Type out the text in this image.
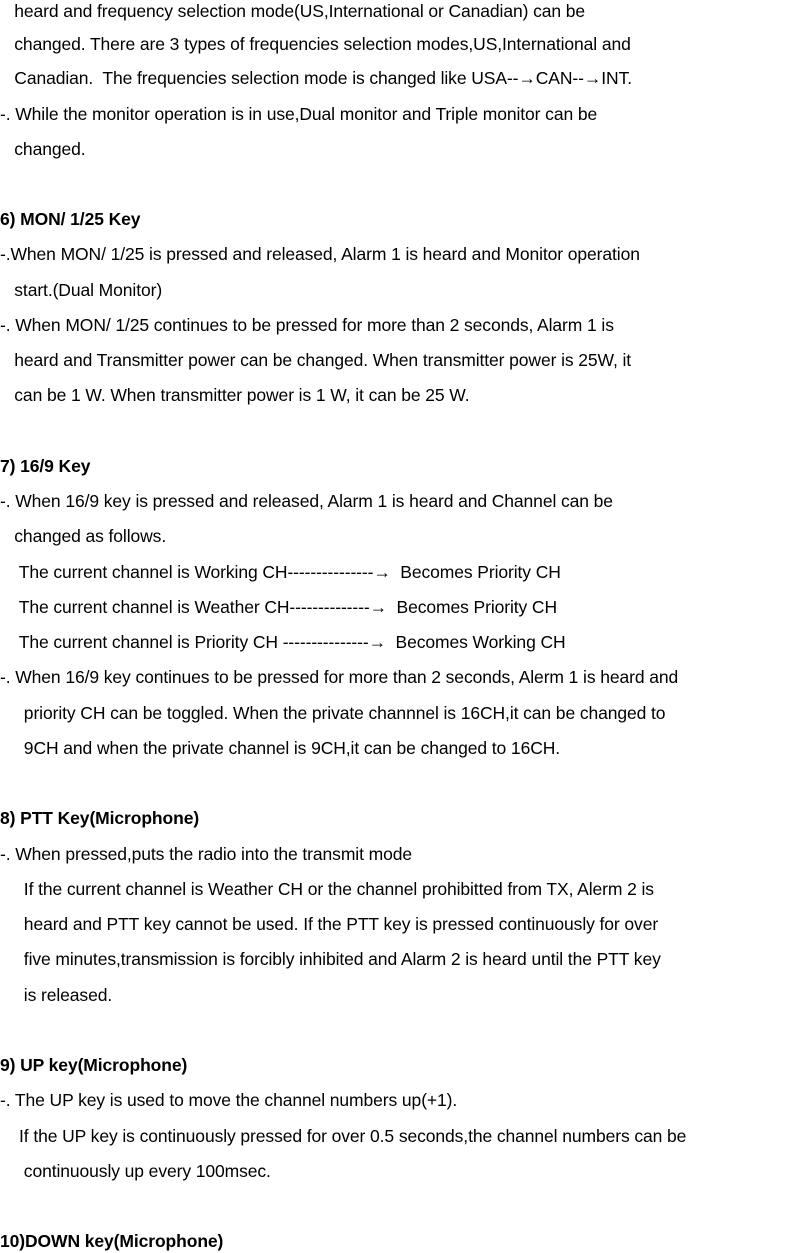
heard and frequency selection mode(US,International or Canadian) can be
changed. There are 3 types of frequencies selection modes,US,International and
Canadian.  The frequencies selection mode is changed like USA--→CAN--→INT.
-. While the monitor operation is in use,Dual monitor and Triple monitor can be
changed.
6) MON/ 1/25 Key
-.When MON/ 1/25 is pressed and released, Alarm 1 is heard and Monitor operation
start.(Dual Monitor)
-. When MON/ 1/25 continues to be pressed for more than 2 seconds, Alarm 1 is
heard and Transmitter power can be changed. When transmitter power is 25W, it
can be 1 W. When transmitter power is 1 W, it can be 25 W.
7) 16/9 Key
-. When 16/9 key is pressed and released, Alarm 1 is heard and Channel can be
changed as follows.
The current channel is Working CH---------------→  Becomes Priority CH
The current channel is Weather CH--------------→  Becomes Priority CH
The current channel is Priority CH ---------------→  Becomes Working CH
-. When 16/9 key continues to be pressed for more than 2 seconds, Alerm 1 is heard and
priority CH can be toggled. When the private channnel is 16CH,it can be changed to
9CH and when the private channel is 9CH,it can be changed to 16CH.
8) PTT Key(Microphone)
-. When pressed,puts the radio into the transmit mode
If the current channel is Weather CH or the channel prohibitted from TX, Alerm 2 is
heard and PTT key cannot be used. If the PTT key is pressed continuously for over
five minutes,transmission is forcibly inhibited and Alarm 2 is heard until the PTT key
is released.
9) UP key(Microphone)
-. The UP key is used to move the channel numbers up(+1).
If the UP key is continuously pressed for over 0.5 seconds,the channel numbers can be
continuously up every 100msec.
10)DOWN key(Microphone)
